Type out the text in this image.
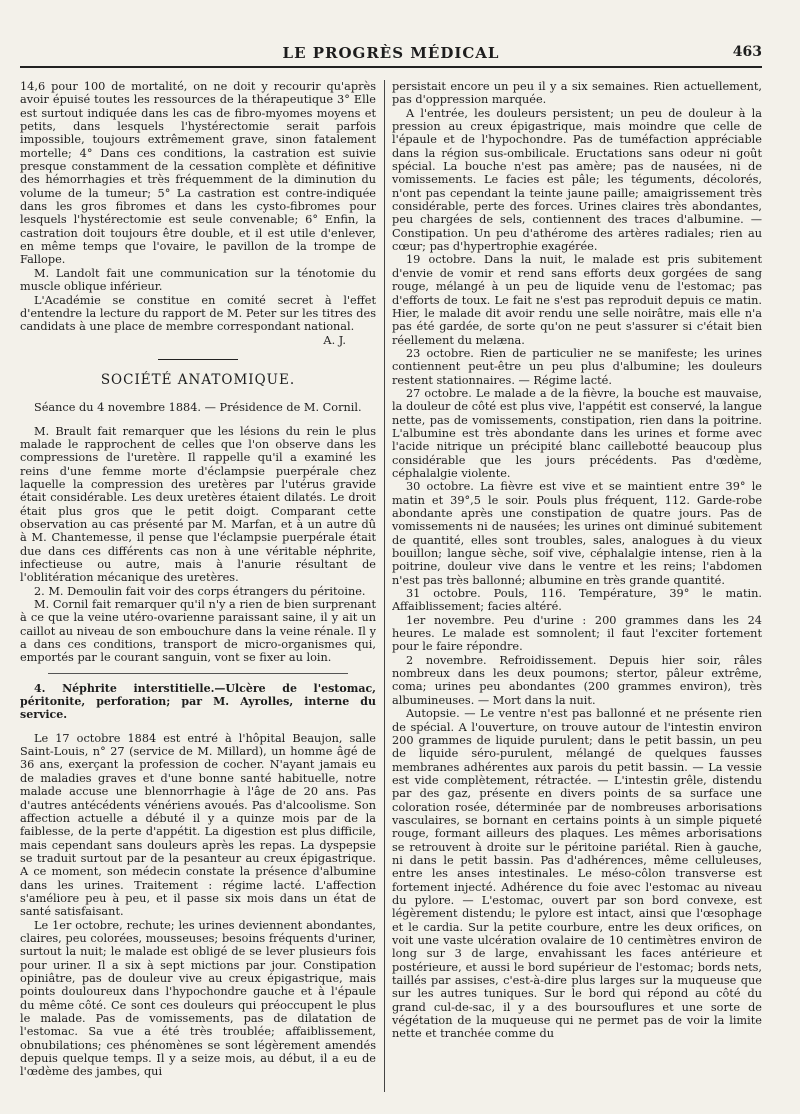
LE PROGRÈS MÉDICAL	463

14,6 pour 100 de mortalité, on ne doit y recourir qu'après avoir épuisé toutes les ressources de la thérapeutique 3° Elle est surtout indiquée dans les cas de fibro-myomes moyens et petits, dans lesquels l'hystérectomie serait parfois impossible, toujours extrêmement grave, sinon fatalement mortelle; 4° Dans ces conditions, la castration est suivie presque constamment de la cessation complète et définitive des hémorrhagies et très fréquemment de la diminution du volume de la tumeur; 5° La castration est contre-indiquée dans les gros fibromes et dans les cysto-fibromes pour lesquels l'hystérectomie est seule convenable; 6° Enfin, la castration doit toujours être double, et il est utile d'enlever, en même temps que l'ovaire, le pavillon de la trompe de Fallope.

M. Landolt fait une communication sur la ténotomie du muscle oblique inférieur.

L'Académie se constitue en comité secret à l'effet d'entendre la lecture du rapport de M. Peter sur les titres des candidats à une place de membre correspondant national.

A. J.

SOCIÉTÉ ANATOMIQUE.

Séance du 4 novembre 1884. — Présidence de M. Cornil.

M. Brault fait remarquer que les lésions du rein le plus malade le rapprochent de celles que l'on observe dans les compressions de l'uretère. Il rappelle qu'il a examiné les reins d'une femme morte d'éclampsie puerpérale chez laquelle la compression des uretères par l'utérus gravide était considérable. Les deux uretères étaient dilatés. Le droit était plus gros que le petit doigt. Comparant cette observation au cas présenté par M. Marfan, et à un autre dû à M. Chantemesse, il pense que l'éclampsie puerpérale était due dans ces différents cas non à une véritable néphrite, infectieuse ou autre, mais à l'anurie résultant de l'oblitération mécanique des uretères.

2. M. Demoulin fait voir des corps étrangers du péritoine.

M. Cornil fait remarquer qu'il n'y a rien de bien surprenant à ce que la veine utéro-ovarienne paraissant saine, il y ait un caillot au niveau de son embouchure dans la veine rénale. Il y a dans ces conditions, transport de micro-organismes qui, emportés par le courant sanguin, vont se fixer au loin.

4. Néphrite interstitielle.—Ulcère de l'estomac, péritonite, perforation; par M. Ayrolles, interne du service.

Le 17 octobre 1884 est entré à l'hôpital Beaujon, salle Saint-Louis, n° 27 (service de M. Millard), un homme âgé de 36 ans, exerçant la profession de cocher. N'ayant jamais eu de maladies graves et d'une bonne santé habituelle, notre malade accuse une blennorrhagie à l'âge de 20 ans. Pas d'autres antécédents vénériens avoués. Pas d'alcoolisme. Son affection actuelle a débuté il y a quinze mois par de la faiblesse, de la perte d'appétit. La digestion est plus difficile, mais cependant sans douleurs après les repas. La dyspepsie se traduit surtout par de la pesanteur au creux épigastrique. A ce moment, son médecin constate la présence d'albumine dans les urines. Traitement : régime lacté. L'affection s'améliore peu à peu, et il passe six mois dans un état de santé satisfaisant.

Le 1er octobre, rechute; les urines deviennent abondantes, claires, peu colorées, mousseuses; besoins fréquents d'uriner, surtout la nuit; le malade est obligé de se lever plusieurs fois pour uriner. Il a six à sept mictions par jour. Constipation opiniâtre, pas de douleur vive au creux épigastrique, mais points douloureux dans l'hypochondre gauche et à l'épaule du même côté. Ce sont ces douleurs qui préoccupent le plus le malade. Pas de vomissements, pas de dilatation de l'estomac. Sa vue a été très troublée; affaiblissement, obnubilations; ces phénomènes se sont légèrement amendés depuis quelque temps. Il y a seize mois, au début, il a eu de l'œdème des jambes, qui

persistait encore un peu il y a six semaines. Rien actuellement, pas d'oppression marquée.

A l'entrée, les douleurs persistent; un peu de douleur à la pression au creux épigastrique, mais moindre que celle de l'épaule et de l'hypochondre. Pas de tuméfaction appréciable dans la région sus-ombilicale. Eructations sans odeur ni goût spécial. La bouche n'est pas amère; pas de nausées, ni de vomissements. Le facies est pâle; les téguments, décolorés, n'ont pas cependant la teinte jaune paille; amaigrissement très considérable, perte des forces. Urines claires très abondantes, peu chargées de sels, contiennent des traces d'albumine. — Constipation. Un peu d'athérome des artères radiales; rien au cœur; pas d'hypertrophie exagérée.

19 octobre. Dans la nuit, le malade est pris subitement d'envie de vomir et rend sans efforts deux gorgées de sang rouge, mélangé à un peu de liquide venu de l'estomac; pas d'efforts de toux. Le fait ne s'est pas reproduit depuis ce matin. Hier, le malade dit avoir rendu une selle noirâtre, mais elle n'a pas été gardée, de sorte qu'on ne peut s'assurer si c'était bien réellement du melæna.

23 octobre. Rien de particulier ne se manifeste; les urines contiennent peut-être un peu plus d'albumine; les douleurs restent stationnaires. — Régime lacté.

27 octobre. Le malade a de la fièvre, la bouche est mauvaise, la douleur de côté est plus vive, l'appétit est conservé, la langue nette, pas de vomissements, constipation, rien dans la poitrine. L'albumine est très abondante dans les urines et forme avec l'acide nitrique un précipité blanc caillebotté beaucoup plus considérable que les jours précédents. Pas d'œdème, céphalalgie violente.

30 octobre. La fièvre est vive et se maintient entre 39° le matin et 39°,5 le soir. Pouls plus fréquent, 112. Garde-robe abondante après une constipation de quatre jours. Pas de vomissements ni de nausées; les urines ont diminué subitement de quantité, elles sont troubles, sales, analogues à du vieux bouillon; langue sèche, soif vive, céphalalgie intense, rien à la poitrine, douleur vive dans le ventre et les reins; l'abdomen n'est pas très ballonné; albumine en très grande quantité.

31 octobre. Pouls, 116. Température, 39° le matin. Affaiblissement; facies altéré.

1er novembre. Peu d'urine : 200 grammes dans les 24 heures. Le malade est somnolent; il faut l'exciter fortement pour le faire répondre.

2 novembre. Refroidissement. Depuis hier soir, râles nombreux dans les deux poumons; stertor, pâleur extrême, coma; urines peu abondantes (200 grammes environ), très albumineuses. — Mort dans la nuit.

Autopsie. — Le ventre n'est pas ballonné et ne présente rien de spécial. A l'ouverture, on trouve autour de l'intestin environ 200 grammes de liquide purulent; dans le petit bassin, un peu de liquide séro-purulent, mélangé de quelques fausses membranes adhérentes aux parois du petit bassin. — La vessie est vide complètement, rétractée. — L'intestin grêle, distendu par des gaz, présente en divers points de sa surface une coloration rosée, déterminée par de nombreuses arborisations vasculaires, se bornant en certains points à un simple piqueté rouge, formant ailleurs des plaques. Les mêmes arborisations se retrouvent à droite sur le péritoine pariétal. Rien à gauche, ni dans le petit bassin. Pas d'adhérences, même celluleuses, entre les anses intestinales. Le méso-côlon transverse est fortement injecté. Adhérence du foie avec l'estomac au niveau du pylore. — L'estomac, ouvert par son bord convexe, est légèrement distendu; le pylore est intact, ainsi que l'œsophage et le cardia. Sur la petite courbure, entre les deux orifices, on voit une vaste ulcération ovalaire de 10 centimètres environ de long sur 3 de large, envahissant les faces antérieure et postérieure, et aussi le bord supérieur de l'estomac; bords nets, taillés par assises, c'est-à-dire plus larges sur la muqueuse que sur les autres tuniques. Sur le bord qui répond au côté du grand cul-de-sac, il y a des boursouflures et une sorte de végétation de la muqueuse qui ne permet pas de voir la limite nette et tranchée comme du
